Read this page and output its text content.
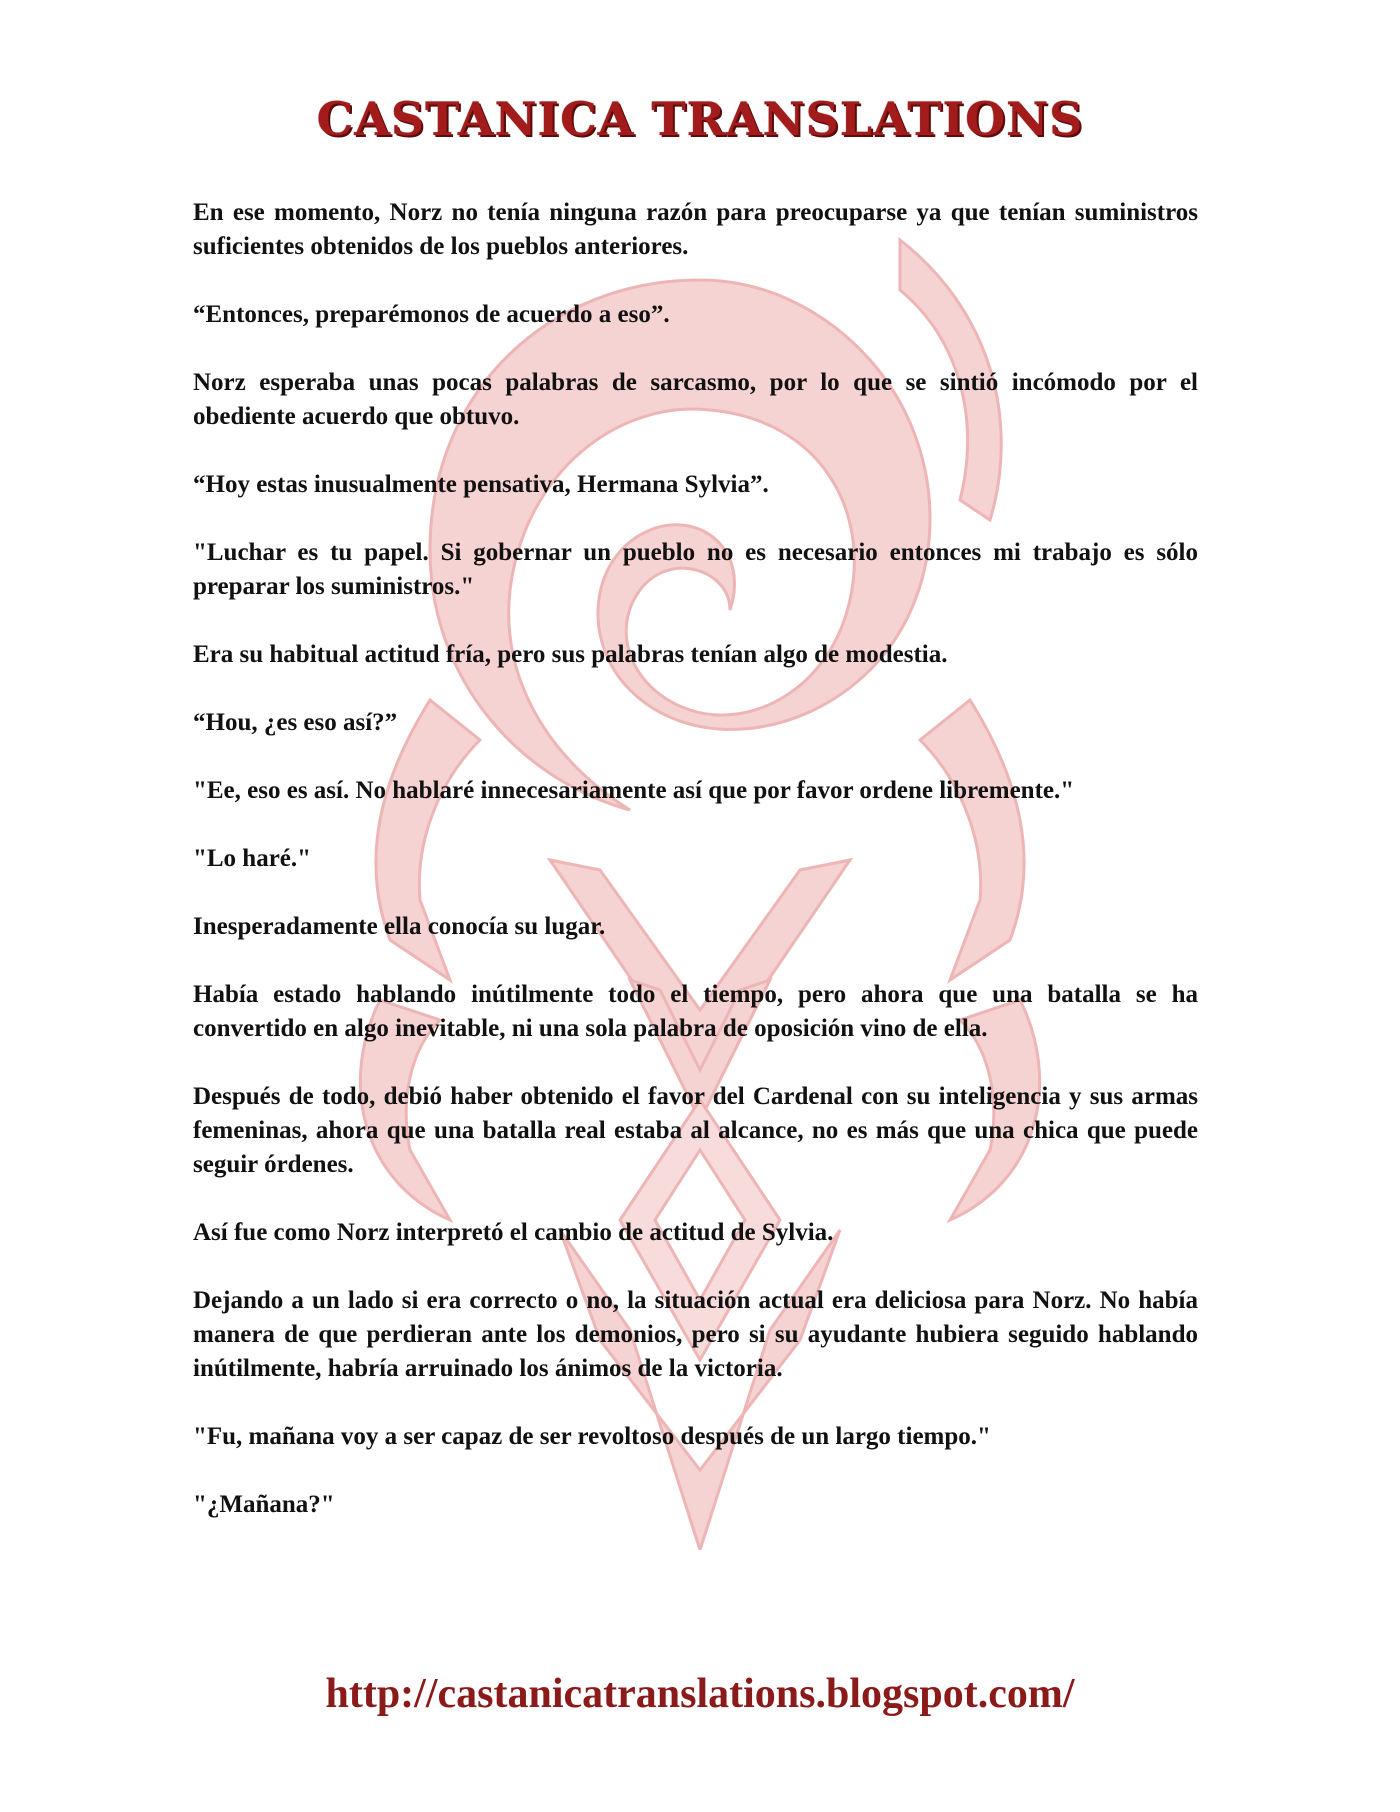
CASTANICA TRANSLATIONS

En ese momento, Norz no tenía ninguna razón para preocuparse ya que tenían suministros suficientes obtenidos de los pueblos anteriores.

“Entonces, preparémonos de acuerdo a eso”.

Norz esperaba unas pocas palabras de sarcasmo, por lo que se sintió incómodo por el obediente acuerdo que obtuvo.

“Hoy estas inusualmente pensativa, Hermana Sylvia”.

"Luchar es tu papel. Si gobernar un pueblo no es necesario entonces mi trabajo es sólo preparar los suministros."

Era su habitual actitud fría, pero sus palabras tenían algo de modestia.

“Hou, ¿es eso así?”

"Ee, eso es así. No hablaré innecesariamente así que por favor ordene libremente."

"Lo haré."

Inesperadamente ella conocía su lugar.

Había estado hablando inútilmente todo el tiempo, pero ahora que una batalla se ha convertido en algo inevitable, ni una sola palabra de oposición vino de ella.

Después de todo, debió haber obtenido el favor del Cardenal con su inteligencia y sus armas femeninas, ahora que una batalla real estaba al alcance, no es más que una chica que puede seguir órdenes.

Así fue como Norz interpretó el cambio de actitud de Sylvia.

Dejando a un lado si era correcto o no, la situación actual era deliciosa para Norz. No había manera de que perdieran ante los demonios, pero si su ayudante hubiera seguido hablando inútilmente, habría arruinado los ánimos de la victoria.

"Fu, mañana voy a ser capaz de ser revoltoso después de un largo tiempo."

"¿Mañana?"

http://castanicatranslations.blogspot.com/
